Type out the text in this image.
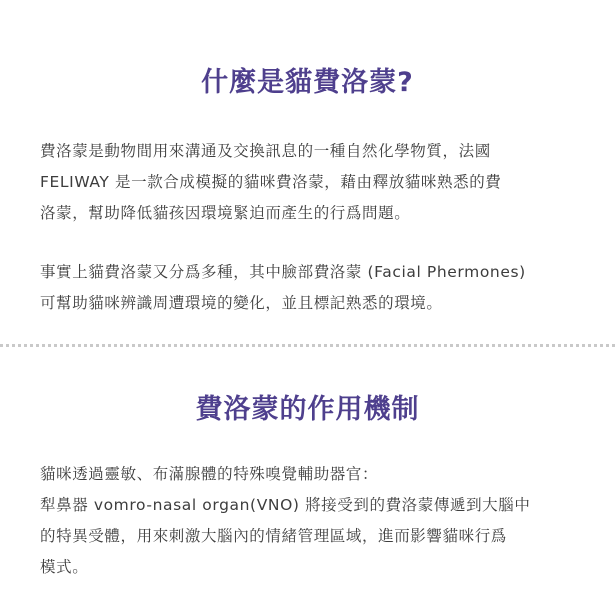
什麼是貓費洛蒙?

費洛蒙是動物間用來溝通及交換訊息的一種自然化學物質，法國
FELIWAY 是一款合成模擬的貓咪費洛蒙，藉由釋放貓咪熟悉的費
洛蒙，幫助降低貓孩因環境緊迫而產生的行爲問題。

事實上貓費洛蒙又分爲多種，其中臉部費洛蒙 (Facial Phermones)
可幫助貓咪辨識周遭環境的變化，並且標記熟悉的環境。

費洛蒙的作用機制

貓咪透過靈敏、布滿腺體的特殊嗅覺輔助器官：
犁鼻器 vomro-nasal organ(VNO) 將接受到的費洛蒙傳遞到大腦中
的特異受體，用來刺激大腦內的情緒管理區域，進而影響貓咪行爲
模式。
